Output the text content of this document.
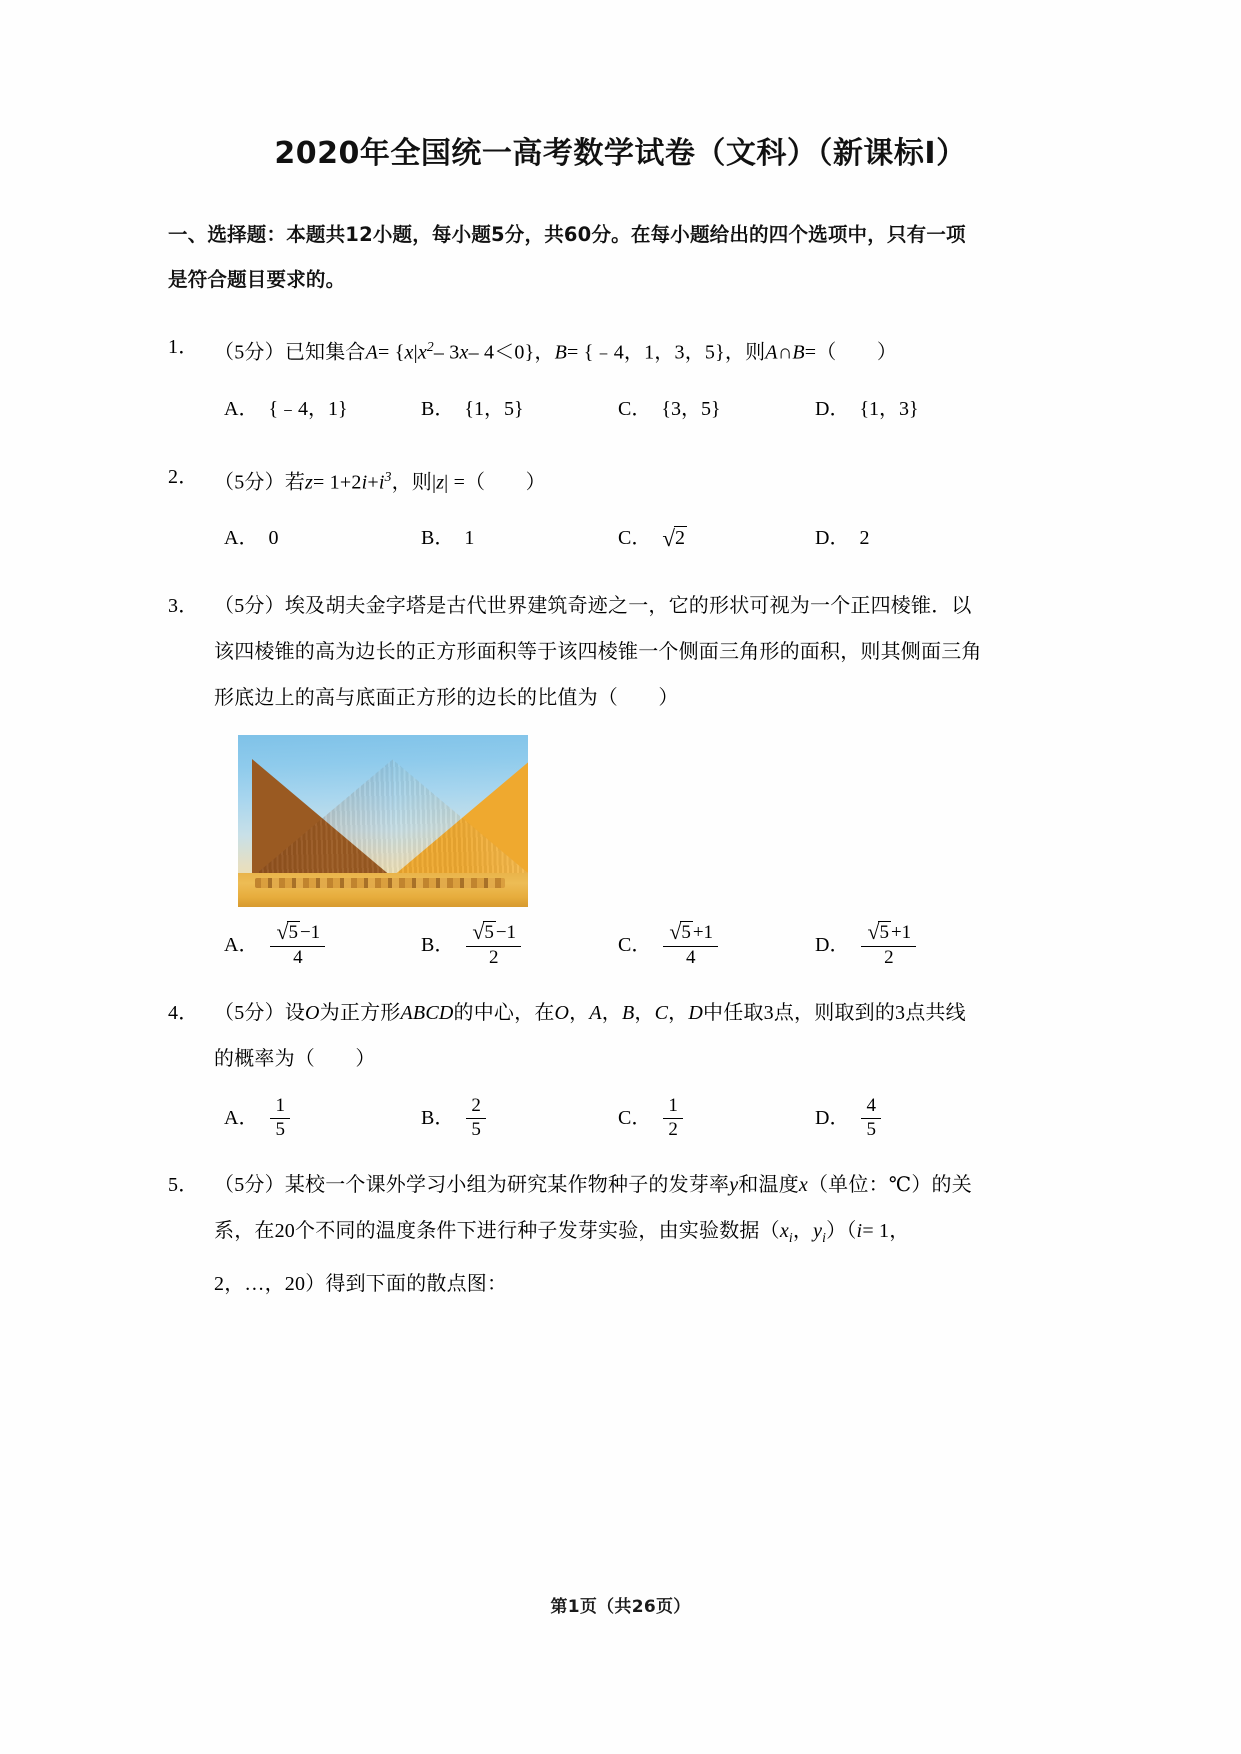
2020年全国统一高考数学试卷（文科）（新课标Ⅰ）
一、选择题：本题共12小题，每小题5分，共60分。在每小题给出的四个选项中，只有一项
是符合题目要求的。
1． （5分）已知集合$A= \{x|x^2-$ 3x– 4＜0}，B= {﹣4，1，3，5}，则A∩B=（　　）
A． {﹣4，1}	B． {1，5}	C． {3，5}	D． {1，3}
2． （5分）若$z= 1+2i+i^3$，则|z| =（　　）
A． 0	B． 1	C． √ 2	D． 2
3． （5分）埃及胡夫金字塔是古代世界建筑奇迹之一，它的形状可视为一个正四棱锥．以
该四棱锥的高为边长的正方形面积等于该四棱锥一个侧面三角形的面积，则其侧面三角
形底边上的高与底面正方形的边长的比值为（　　）
A． $\frac{√ 5 -1}{4}$	B． $\frac{√ 5 -1}{2}$	C． $\frac{√ 5 +1}{4}$	D． $\frac{√ 5 +1}{2}$
4． （5分）设O为正方形ABCD的中心，在O，A，B，C，D中任取3点，则取到的3点共线
的概率为（　　）
A． $\frac{1}{5}$	B． $\frac{2}{5}$	C． $\frac{1}{2}$	D． $\frac{4}{5}$
5． （5分）某校一个课外学习小组为研究某作物种子的发芽率y和温度x（单位：℃）的关
系，在20个不同的温度条件下进行种子发芽实验，由实验数据（$x_i$，$y_i)(i= 1$，
2，…，20）得到下面的散点图：
第1页（共26页）
